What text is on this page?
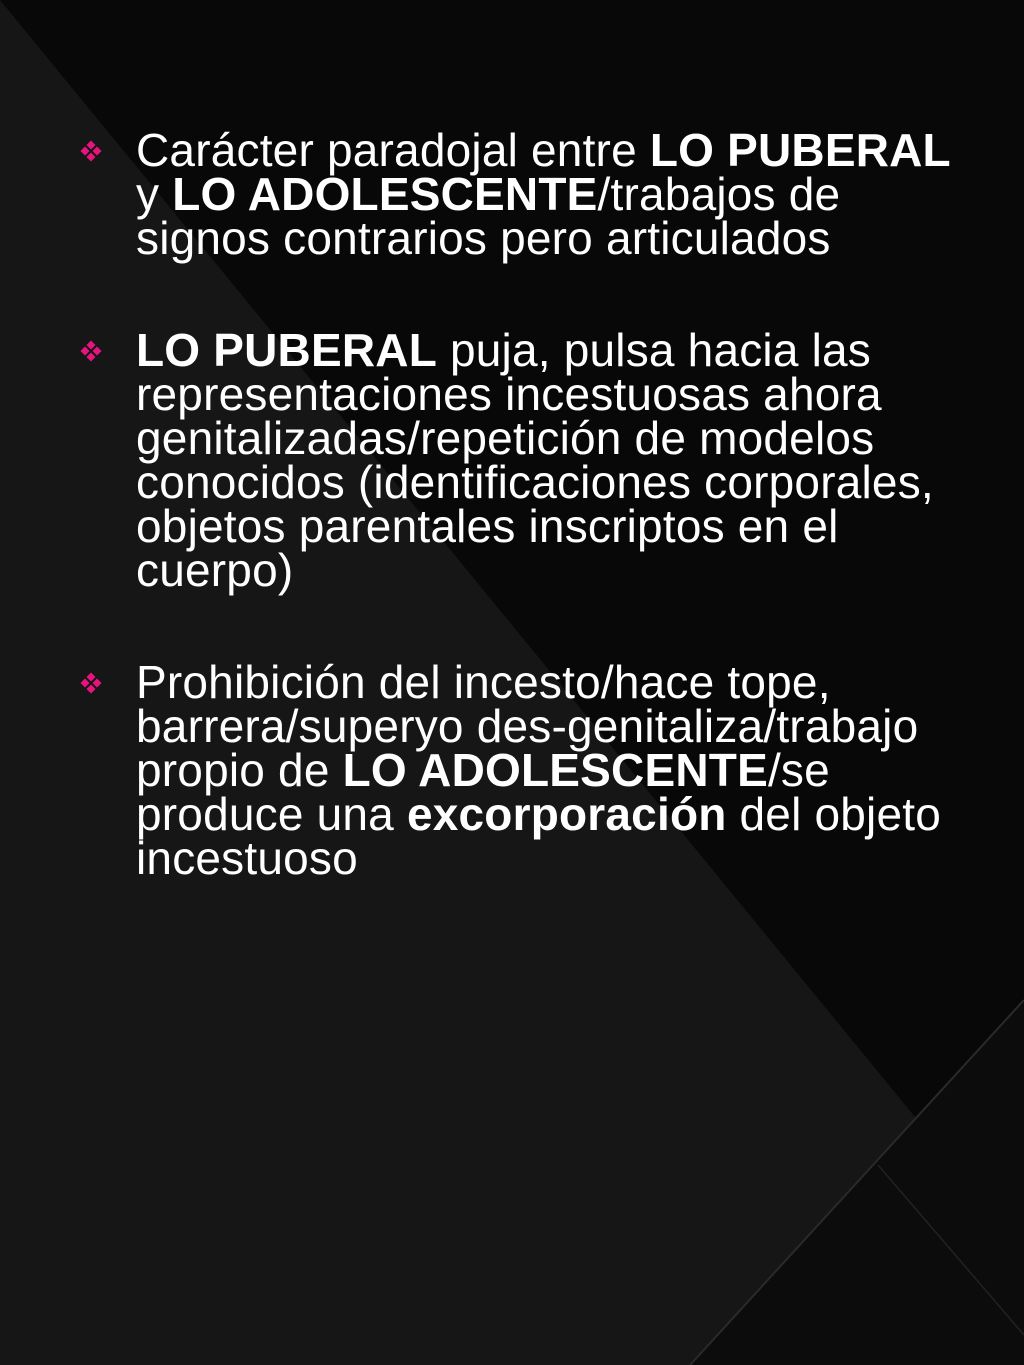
Carácter paradojal entre LO PUBERAL y LO ADOLESCENTE/trabajos de signos contrarios pero articulados
LO PUBERAL puja, pulsa hacia las representaciones incestuosas ahora genitalizadas/repetición de modelos conocidos (identificaciones corporales, objetos parentales inscriptos en el cuerpo)
Prohibición del incesto/hace tope, barrera/superyo des-genitaliza/trabajo propio de LO ADOLESCENTE/se produce una excorporación del objeto incestuoso
